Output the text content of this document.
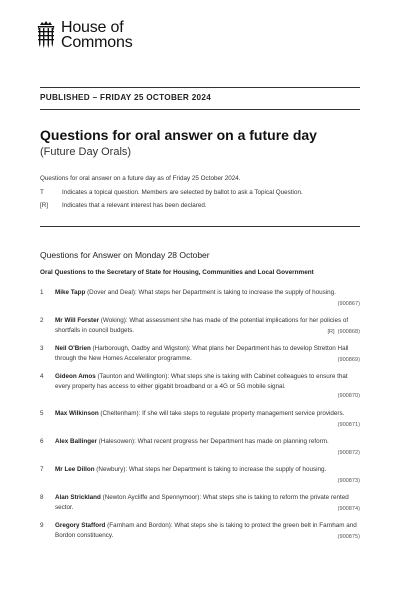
House of
Commons
PUBLISHED – FRIDAY 25 OCTOBER 2024
Questions for oral answer on a future day
(Future Day Orals)
Questions for oral answer on a future day as of Friday 25 October 2024.
T	Indicates a topical question. Members are selected by ballot to ask a Topical Question.
[R]	Indicates that a relevant interest has been declared.
Questions for Answer on Monday 28 October
Oral Questions to the Secretary of State for Housing, Communities and Local Government
1	Mike Tapp (Dover and Deal): What steps her Department is taking to increase the supply of housing.
(900867)
2	Mr Will Forster (Woking): What assessment she has made of the potential implications for her policies of shortfalls in council budgets.	[R] (900868)
3	Neil O'Brien (Harborough, Oadby and Wigston): What plans her Department has to develop Stretton Hall through the New Homes Accelerator programme.	(900869)
4	Gideon Amos (Taunton and Wellington): What steps she is taking with Cabinet colleagues to ensure that every property has access to either gigabit broadband or a 4G or 5G mobile signal.
(900870)
5	Max Wilkinson (Cheltenham): If she will take steps to regulate property management service providers.
(900871)
6	Alex Ballinger (Halesowen): What recent progress her Department has made on planning reform.
(900872)
7	Mr Lee Dillon (Newbury): What steps her Department is taking to increase the supply of housing.
(900873)
8	Alan Strickland (Newton Aycliffe and Spennymoor): What steps she is taking to reform the private rented sector.	(900874)
9	Gregory Stafford (Farnham and Bordon): What steps she is taking to protect the green belt in Farnham and Bordon constituency.	(900875)
